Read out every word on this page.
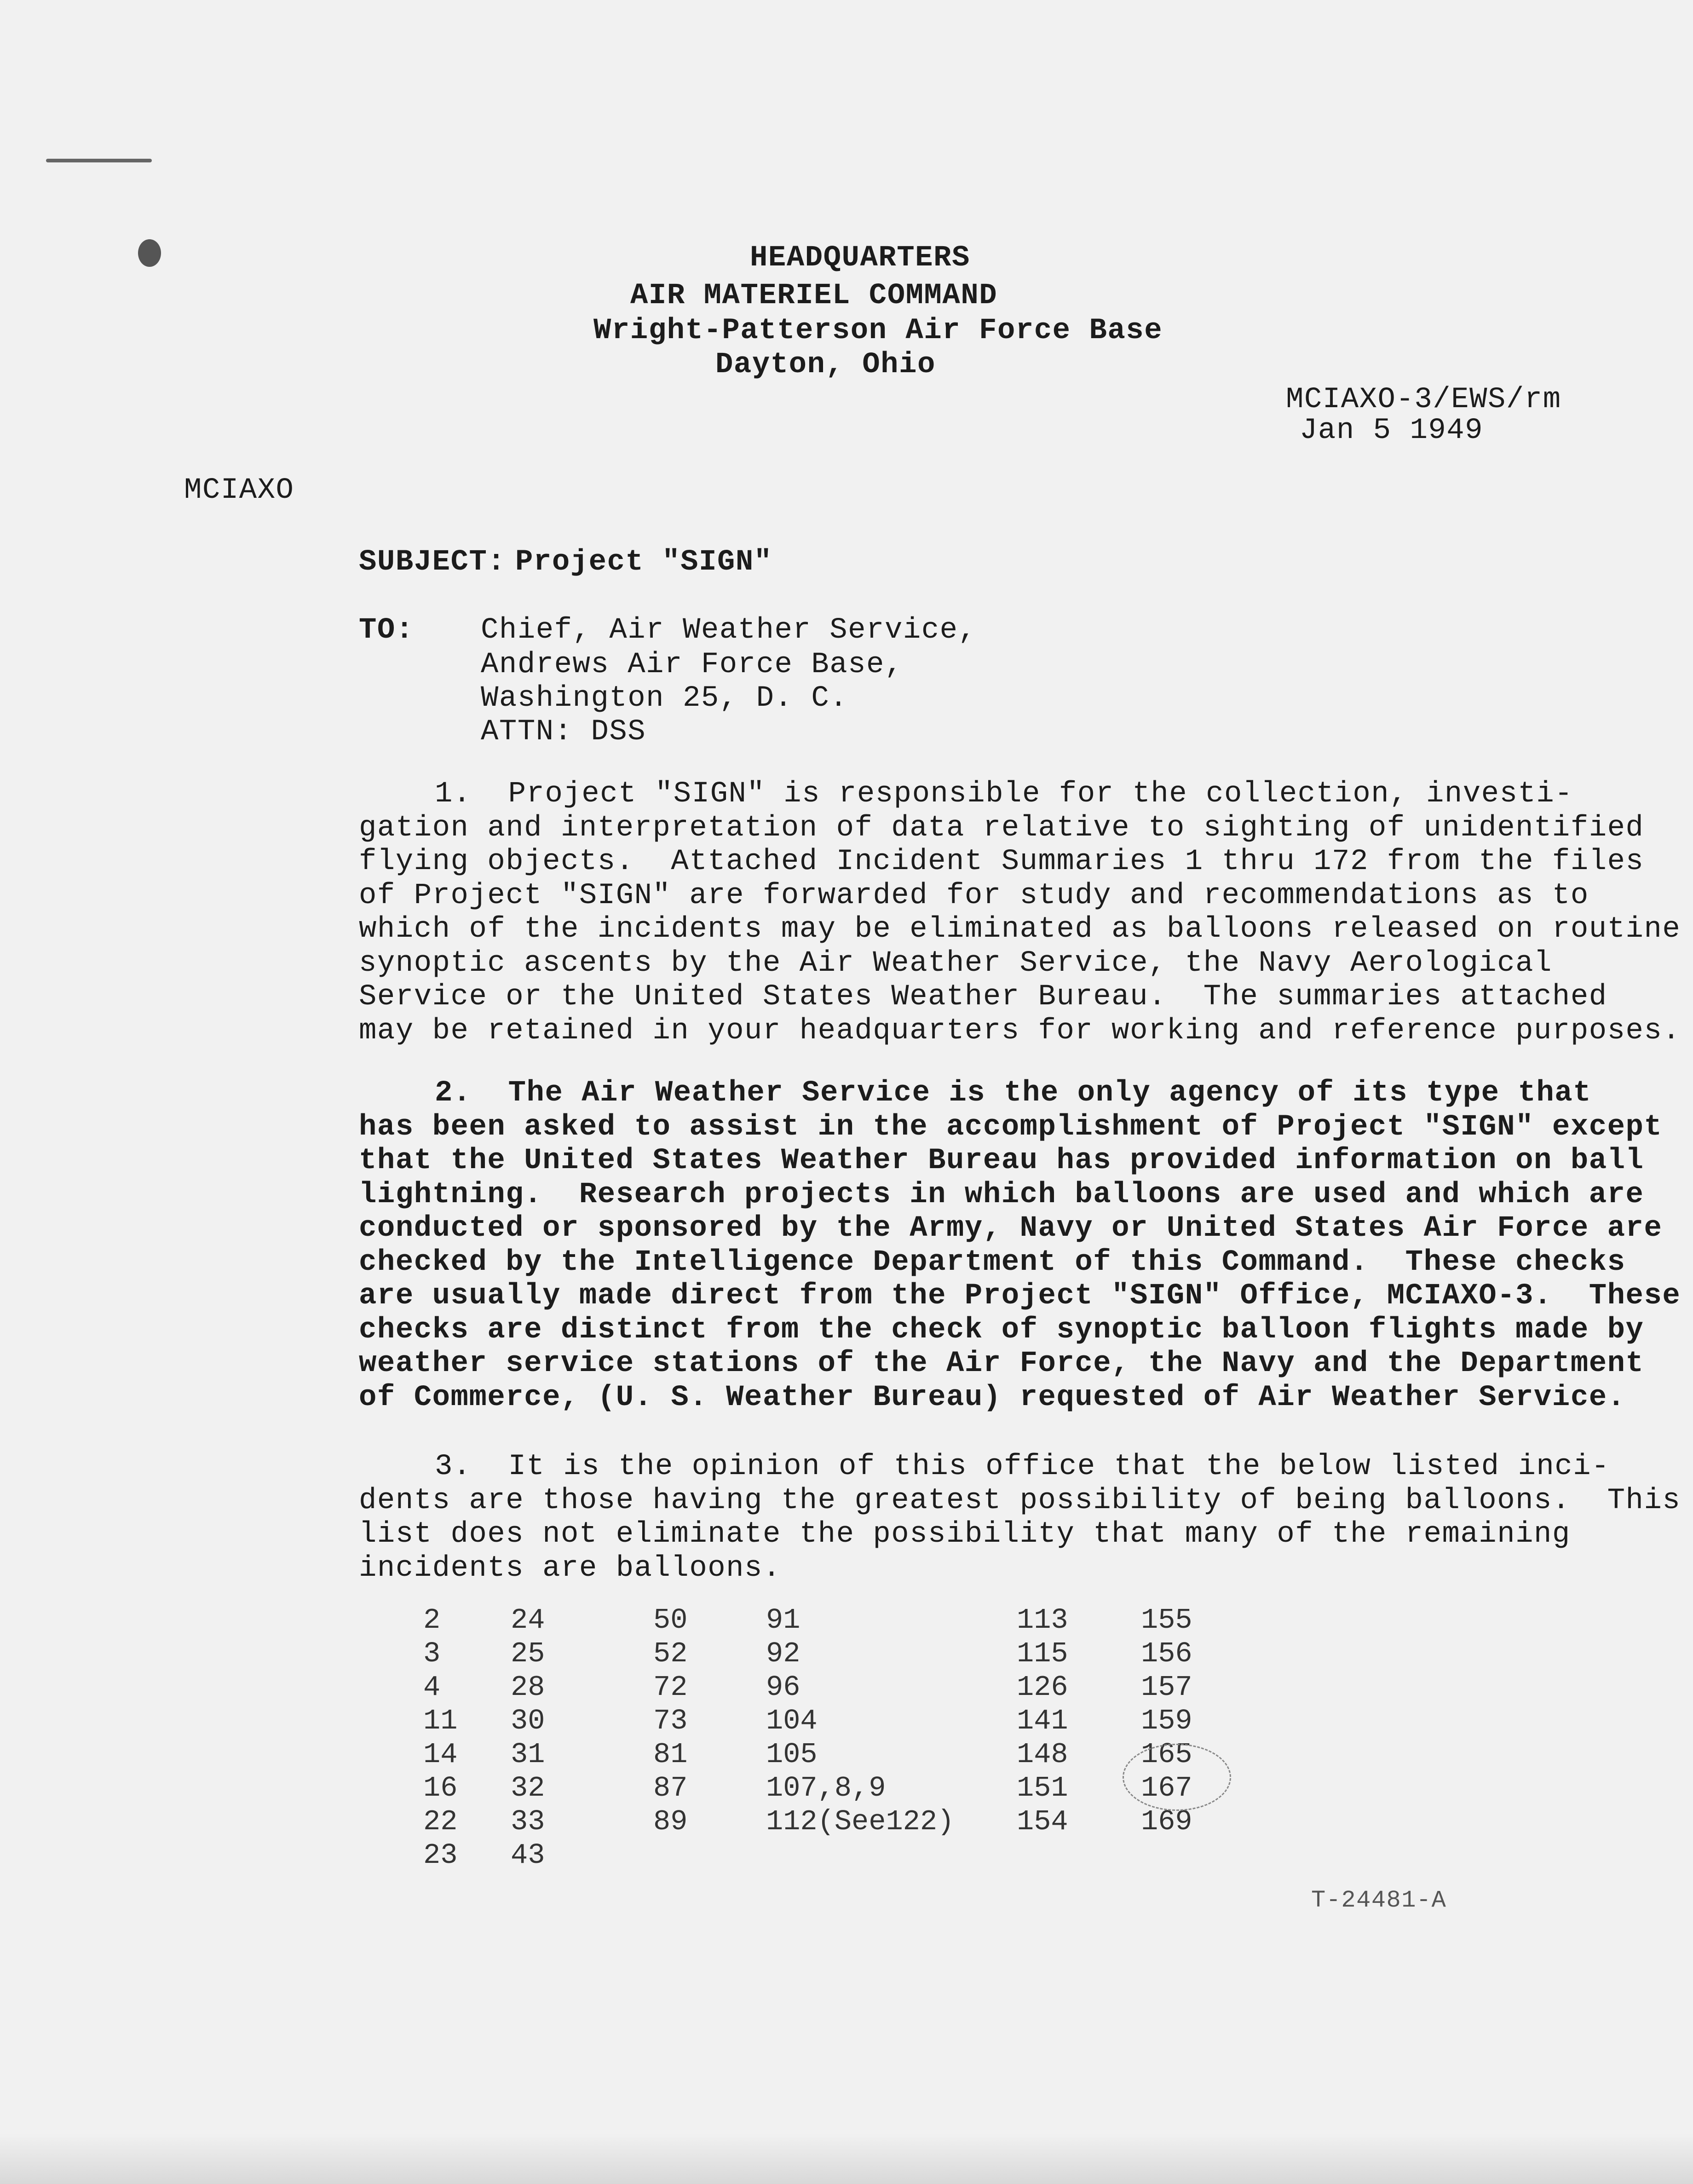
HEADQUARTERS
AIR MATERIEL COMMAND
Wright-Patterson Air Force Base
Dayton, Ohio
MCIAXO-3/EWS/rm
Jan 5 1949
MCIAXO
SUBJECT: Project "SIGN"
TO: Chief, Air Weather Service,
Andrews Air Force Base,
Washington 25, D. C.
ATTN: DSS
1.  Project "SIGN" is responsible for the collection, investi-
gation and interpretation of data relative to sighting of unidentified
flying objects.  Attached Incident Summaries 1 thru 172 from the files
of Project "SIGN" are forwarded for study and recommendations as to
which of the incidents may be eliminated as balloons released on routine
synoptic ascents by the Air Weather Service, the Navy Aerological
Service or the United States Weather Bureau.  The summaries attached
may be retained in your headquarters for working and reference purposes.
2.  The Air Weather Service is the only agency of its type that
has been asked to assist in the accomplishment of Project "SIGN" except
that the United States Weather Bureau has provided information on ball
lightning.  Research projects in which balloons are used and which are
conducted or sponsored by the Army, Navy or United States Air Force are
checked by the Intelligence Department of this Command.  These checks
are usually made direct from the Project "SIGN" Office, MCIAXO-3.  These
checks are distinct from the check of synoptic balloon flights made by
weather service stations of the Air Force, the Navy and the Department
of Commerce, (U. S. Weather Bureau) requested of Air Weather Service.
3.  It is the opinion of this office that the below listed inci-
dents are those having the greatest possibility of being balloons.  This
list does not eliminate the possibility that many of the remaining
incidents are balloons.
2
3
4
11
14
16
22
23
24
25
28
30
31
32
33
43
50
52
72
73
81
87
89
91
92
96
104
105
107,8,9
112(See122)
113
115
126
141
148
151
154
155
156
157
159
165
167
169
T-24481-A
